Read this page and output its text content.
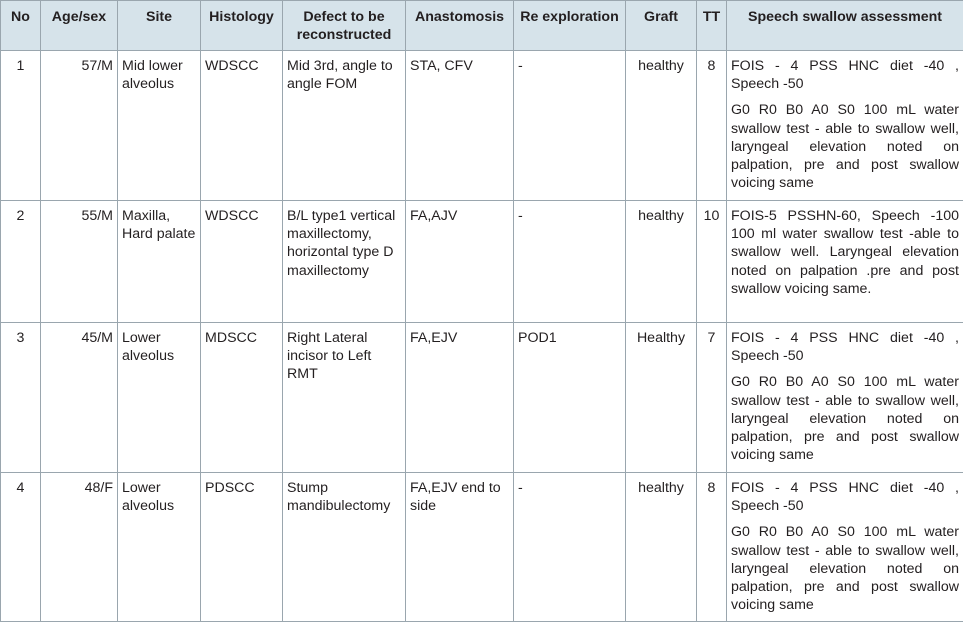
No	Age/sex	Site	Histology	Defect to be reconstructed	Anastomosis	Re exploration	Graft	TT	Speech swallow assessment
1	57/M	Mid lower alveolus	WDSCC	Mid 3rd, angle to angle FOM	STA, CFV	-	healthy	8	FOIS - 4 PSS HNC diet -40 , Speech -50

G0 R0 B0 A0 S0 100 mL water swallow test - able to swallow well, laryngeal elevation noted on palpation, pre and post swallow voicing same

2	55/M	Maxilla, Hard palate	WDSCC	B/L type1 vertical maxillectomy, horizontal type D maxillectomy	FA,AJV	-	healthy	10	FOIS-5 PSSHN-60, Speech -100 100 ml water swallow test -able to swallow well. Laryngeal elevation noted on palpation .pre and post swallow voicing same.

3	45/M	Lower alveolus	MDSCC	Right Lateral incisor to Left RMT	FA,EJV	POD1	Healthy	7	FOIS - 4 PSS HNC diet -40 , Speech -50

G0 R0 B0 A0 S0 100 mL water swallow test - able to swallow well, laryngeal elevation noted on palpation, pre and post swallow voicing same

4	48/F	Lower alveolus	PDSCC	Stump mandibulectomy	FA,EJV end to side	-	healthy	8	FOIS - 4 PSS HNC diet -40 , Speech -50

G0 R0 B0 A0 S0 100 mL water swallow test - able to swallow well, laryngeal elevation noted on palpation, pre and post swallow voicing same
